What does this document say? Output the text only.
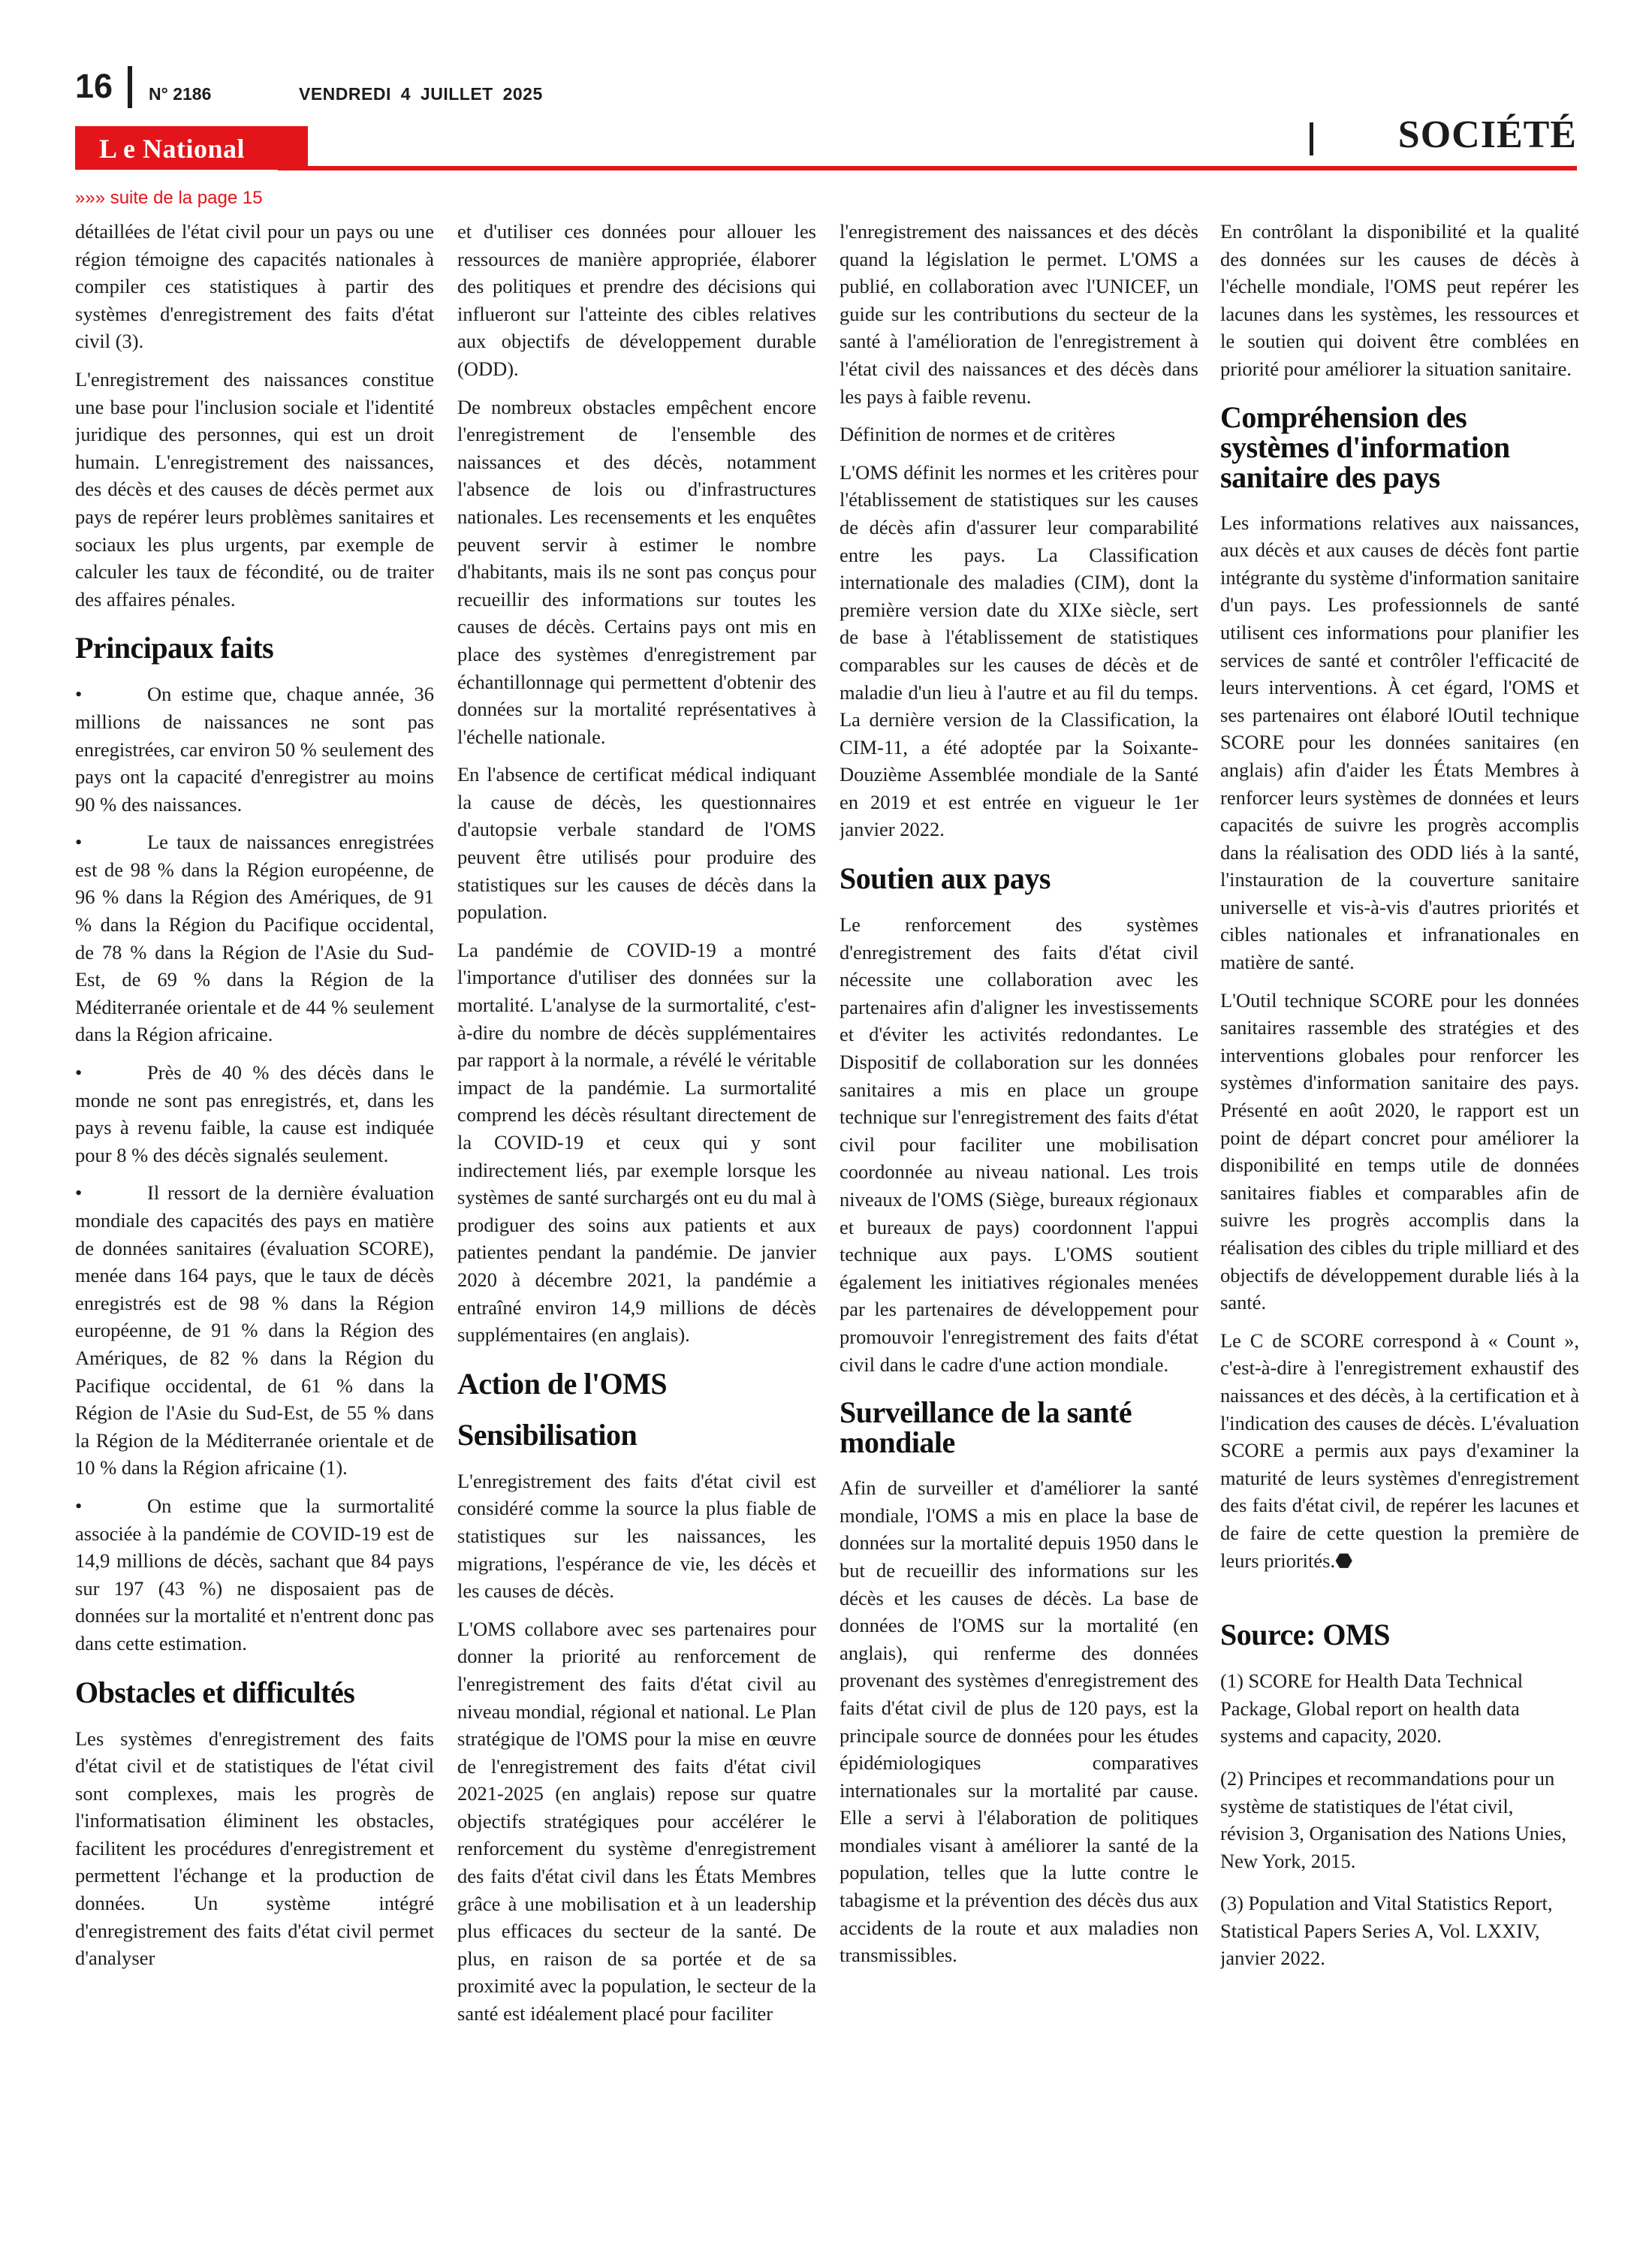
16 N° 2186	VENDREDI 4 JUILLET 2025
L e National	SOCIÉTÉ
»»» suite de la page 15

détaillées de l'état civil pour un pays ou une région témoigne des capacités nationales à compiler ces statistiques à partir des systèmes d'enregistrement des faits d'état civil (3).

L'enregistrement des naissances constitue une base pour l'inclusion sociale et l'identité juridique des personnes, qui est un droit humain. L'enregistrement des naissances, des décès et des causes de décès permet aux pays de repérer leurs problèmes sanitaires et sociaux les plus urgents, par exemple de calculer les taux de fécondité, ou de traiter des affaires pénales.

Principaux faits

•	On estime que, chaque année, 36 millions de naissances ne sont pas enregistrées, car environ 50 % seulement des pays ont la capacité d'enregistrer au moins 90 % des naissances.

•	Le taux de naissances enregistrées est de 98 % dans la Région européenne, de 96 % dans la Région des Amériques, de 91 % dans la Région du Pacifique occidental, de 78 % dans la Région de l'Asie du Sud-Est, de 69 % dans la Région de la Méditerranée orientale et de 44 % seulement dans la Région africaine.

•	Près de 40 % des décès dans le monde ne sont pas enregistrés, et, dans les pays à revenu faible, la cause est indiquée pour 8 % des décès signalés seulement.

•	Il ressort de la dernière évaluation mondiale des capacités des pays en matière de données sanitaires (évaluation SCORE), menée dans 164 pays, que le taux de décès enregistrés est de 98 % dans la Région européenne, de 91 % dans la Région des Amériques, de 82 % dans la Région du Pacifique occidental, de 61 % dans la Région de l'Asie du Sud-Est, de 55 % dans la Région de la Méditerranée orientale et de 10 % dans la Région africaine (1).

•	On estime que la surmortalité associée à la pandémie de COVID-19 est de 14,9 millions de décès, sachant que 84 pays sur 197 (43 %) ne disposaient pas de données sur la mortalité et n'entrent donc pas dans cette estimation.

Obstacles et difficultés

Les systèmes d'enregistrement des faits d'état civil et de statistiques de l'état civil sont complexes, mais les progrès de l'informatisation éliminent les obstacles, facilitent les procédures d'enregistrement et permettent l'échange et la production de données. Un système intégré d'enregistrement des faits d'état civil permet d'analyser

et d'utiliser ces données pour allouer les ressources de manière appropriée, élaborer des politiques et prendre des décisions qui influeront sur l'atteinte des cibles relatives aux objectifs de développement durable (ODD).

De nombreux obstacles empêchent encore l'enregistrement de l'ensemble des naissances et des décès, notamment l'absence de lois ou d'infrastructures nationales. Les recensements et les enquêtes peuvent servir à estimer le nombre d'habitants, mais ils ne sont pas conçus pour recueillir des informations sur toutes les causes de décès. Certains pays ont mis en place des systèmes d'enregistrement par échantillonnage qui permettent d'obtenir des données sur la mortalité représentatives à l'échelle nationale.

En l'absence de certificat médical indiquant la cause de décès, les questionnaires d'autopsie verbale standard de l'OMS peuvent être utilisés pour produire des statistiques sur les causes de décès dans la population.

La pandémie de COVID-19 a montré l'importance d'utiliser des données sur la mortalité. L'analyse de la surmortalité, c'est-à-dire du nombre de décès supplémentaires par rapport à la normale, a révélé le véritable impact de la pandémie. La surmortalité comprend les décès résultant directement de la COVID-19 et ceux qui y sont indirectement liés, par exemple lorsque les systèmes de santé surchargés ont eu du mal à prodiguer des soins aux patients et aux patientes pendant la pandémie. De janvier 2020 à décembre 2021, la pandémie a entraîné environ 14,9 millions de décès supplémentaires (en anglais).

Action de l'OMS
Sensibilisation

L'enregistrement des faits d'état civil est considéré comme la source la plus fiable de statistiques sur les naissances, les migrations, l'espérance de vie, les décès et les causes de décès.

L'OMS collabore avec ses partenaires pour donner la priorité au renforcement de l'enregistrement des faits d'état civil au niveau mondial, régional et national. Le Plan stratégique de l'OMS pour la mise en œuvre de l'enregistrement des faits d'état civil 2021-2025 (en anglais) repose sur quatre objectifs stratégiques pour accélérer le renforcement du système d'enregistrement des faits d'état civil dans les États Membres grâce à une mobilisation et à un leadership plus efficaces du secteur de la santé. De plus, en raison de sa portée et de sa proximité avec la population, le secteur de la santé est idéalement placé pour faciliter

l'enregistrement des naissances et des décès quand la législation le permet. L'OMS a publié, en collaboration avec l'UNICEF, un guide sur les contributions du secteur de la santé à l'amélioration de l'enregistrement à l'état civil des naissances et des décès dans les pays à faible revenu.

Définition de normes et de critères

L'OMS définit les normes et les critères pour l'établissement de statistiques sur les causes de décès afin d'assurer leur comparabilité entre les pays. La Classification internationale des maladies (CIM), dont la première version date du XIXe siècle, sert de base à l'établissement de statistiques comparables sur les causes de décès et de maladie d'un lieu à l'autre et au fil du temps. La dernière version de la Classification, la CIM-11, a été adoptée par la Soixante-Douzième Assemblée mondiale de la Santé en 2019 et est entrée en vigueur le 1er janvier 2022.

Soutien aux pays

Le renforcement des systèmes d'enregistrement des faits d'état civil nécessite une collaboration avec les partenaires afin d'aligner les investissements et d'éviter les activités redondantes. Le Dispositif de collaboration sur les données sanitaires a mis en place un groupe technique sur l'enregistrement des faits d'état civil pour faciliter une mobilisation coordonnée au niveau national. Les trois niveaux de l'OMS (Siège, bureaux régionaux et bureaux de pays) coordonnent l'appui technique aux pays. L'OMS soutient également les initiatives régionales menées par les partenaires de développement pour promouvoir l'enregistrement des faits d'état civil dans le cadre d'une action mondiale.

Surveillance de la santé mondiale

Afin de surveiller et d'améliorer la santé mondiale, l'OMS a mis en place la base de données sur la mortalité depuis 1950 dans le but de recueillir des informations sur les décès et les causes de décès. La base de données de l'OMS sur la mortalité (en anglais), qui renferme des données provenant des systèmes d'enregistrement des faits d'état civil de plus de 120 pays, est la principale source de données pour les études épidémiologiques comparatives internationales sur la mortalité par cause. Elle a servi à l'élaboration de politiques mondiales visant à améliorer la santé de la population, telles que la lutte contre le tabagisme et la prévention des décès dus aux accidents de la route et aux maladies non transmissibles.

En contrôlant la disponibilité et la qualité des données sur les causes de décès à l'échelle mondiale, l'OMS peut repérer les lacunes dans les systèmes, les ressources et le soutien qui doivent être comblées en priorité pour améliorer la situation sanitaire.

Compréhension des systèmes d'information sanitaire des pays

Les informations relatives aux naissances, aux décès et aux causes de décès font partie intégrante du système d'information sanitaire d'un pays. Les professionnels de santé utilisent ces informations pour planifier les services de santé et contrôler l'efficacité de leurs interventions. À cet égard, l'OMS et ses partenaires ont élaboré lOutil technique SCORE pour les données sanitaires (en anglais) afin d'aider les États Membres à renforcer leurs systèmes de données et leurs capacités de suivre les progrès accomplis dans la réalisation des ODD liés à la santé, l'instauration de la couverture sanitaire universelle et vis-à-vis d'autres priorités et cibles nationales et infranationales en matière de santé.

L'Outil technique SCORE pour les données sanitaires rassemble des stratégies et des interventions globales pour renforcer les systèmes d'information sanitaire des pays. Présenté en août 2020, le rapport est un point de départ concret pour améliorer la disponibilité en temps utile de données sanitaires fiables et comparables afin de suivre les progrès accomplis dans la réalisation des cibles du triple milliard et des objectifs de développement durable liés à la santé.

Le C de SCORE correspond à « Count », c'est-à-dire à l'enregistrement exhaustif des naissances et des décès, à la certification et à l'indication des causes de décès. L'évaluation SCORE a permis aux pays d'examiner la maturité de leurs systèmes d'enregistrement des faits d'état civil, de repérer les lacunes et de faire de cette question la première de leurs priorités.⬣

Source: OMS

(1) SCORE for Health Data Technical Package, Global report on health data systems and capacity, 2020.

(2) Principes et recommandations pour un système de statistiques de l'état civil, révision 3, Organisation des Nations Unies, New York, 2015.

(3) Population and Vital Statistics Report, Statistical Papers Series A, Vol. LXXIV, janvier 2022.
